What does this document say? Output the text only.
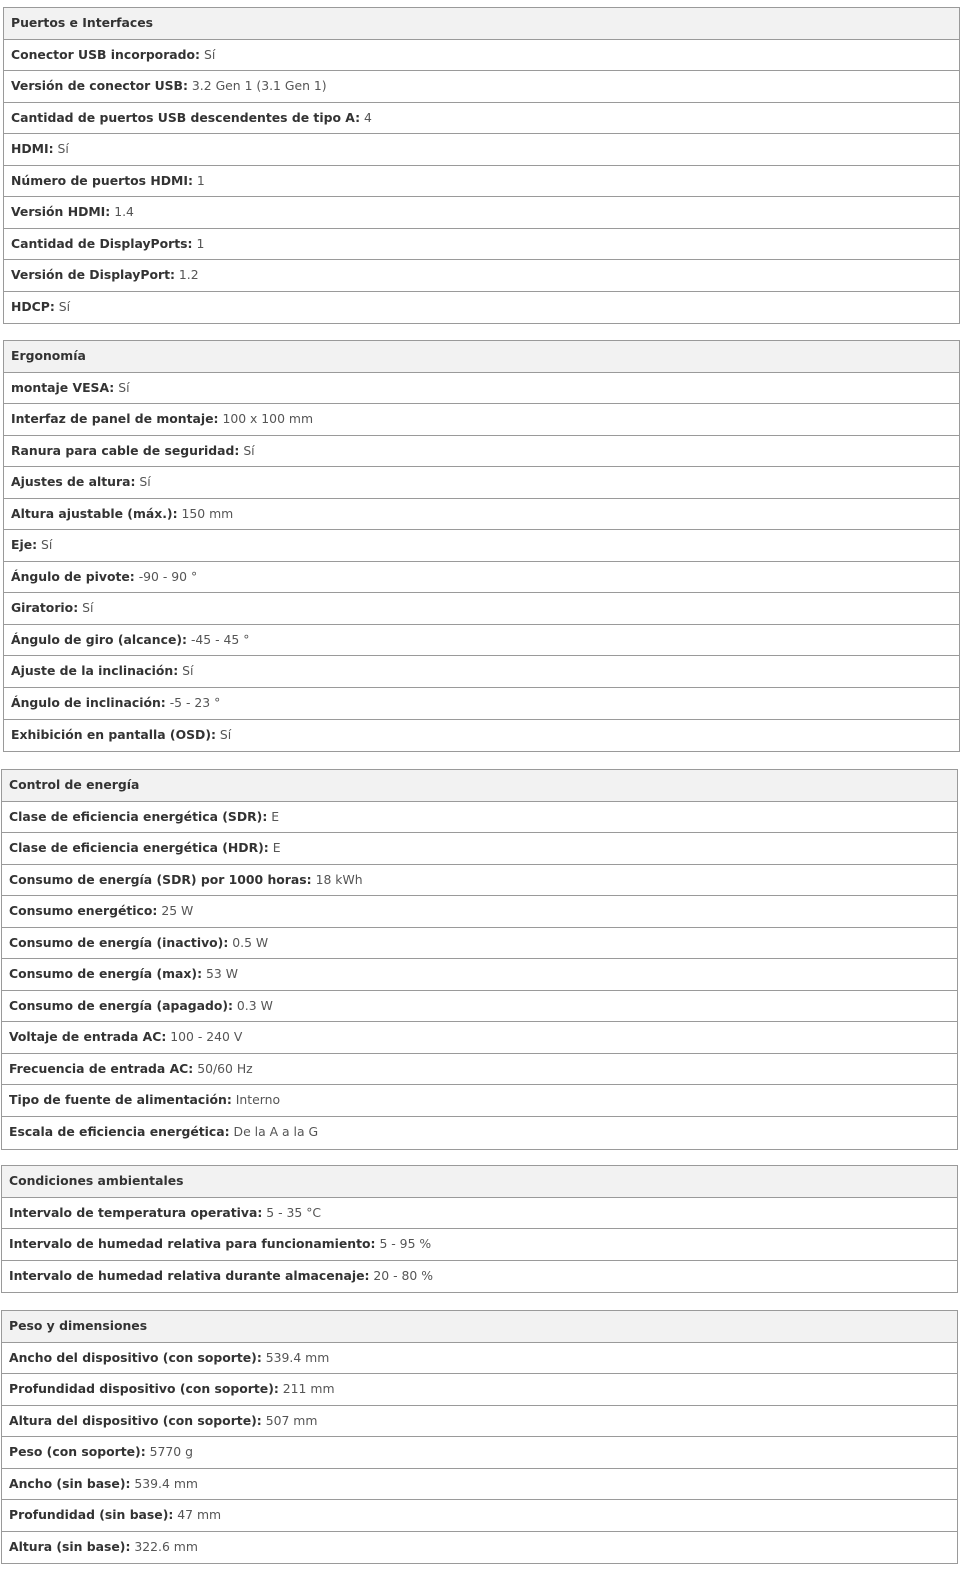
Puertos e Interfaces
Conector USB incorporado: Sí
Versión de conector USB: 3.2 Gen 1 (3.1 Gen 1)
Cantidad de puertos USB descendentes de tipo A: 4
HDMI: Sí
Número de puertos HDMI: 1
Versión HDMI: 1.4
Cantidad de DisplayPorts: 1
Versión de DisplayPort: 1.2
HDCP: Sí
Ergonomía
montaje VESA: Sí
Interfaz de panel de montaje: 100 x 100 mm
Ranura para cable de seguridad: Sí
Ajustes de altura: Sí
Altura ajustable (máx.): 150 mm
Eje: Sí
Ángulo de pivote: -90 - 90 °
Giratorio: Sí
Ángulo de giro (alcance): -45 - 45 °
Ajuste de la inclinación: Sí
Ángulo de inclinación: -5 - 23 °
Exhibición en pantalla (OSD): Sí
Control de energía
Clase de eficiencia energética (SDR): E
Clase de eficiencia energética (HDR): E
Consumo de energía (SDR) por 1000 horas: 18 kWh
Consumo energético: 25 W
Consumo de energía (inactivo): 0.5 W
Consumo de energía (max): 53 W
Consumo de energía (apagado): 0.3 W
Voltaje de entrada AC: 100 - 240 V
Frecuencia de entrada AC: 50/60 Hz
Tipo de fuente de alimentación: Interno
Escala de eficiencia energética: De la A a la G
Condiciones ambientales
Intervalo de temperatura operativa: 5 - 35 °C
Intervalo de humedad relativa para funcionamiento: 5 - 95 %
Intervalo de humedad relativa durante almacenaje: 20 - 80 %
Peso y dimensiones
Ancho del dispositivo (con soporte): 539.4 mm
Profundidad dispositivo (con soporte): 211 mm
Altura del dispositivo (con soporte): 507 mm
Peso (con soporte): 5770 g
Ancho (sin base): 539.4 mm
Profundidad (sin base): 47 mm
Altura (sin base): 322.6 mm
